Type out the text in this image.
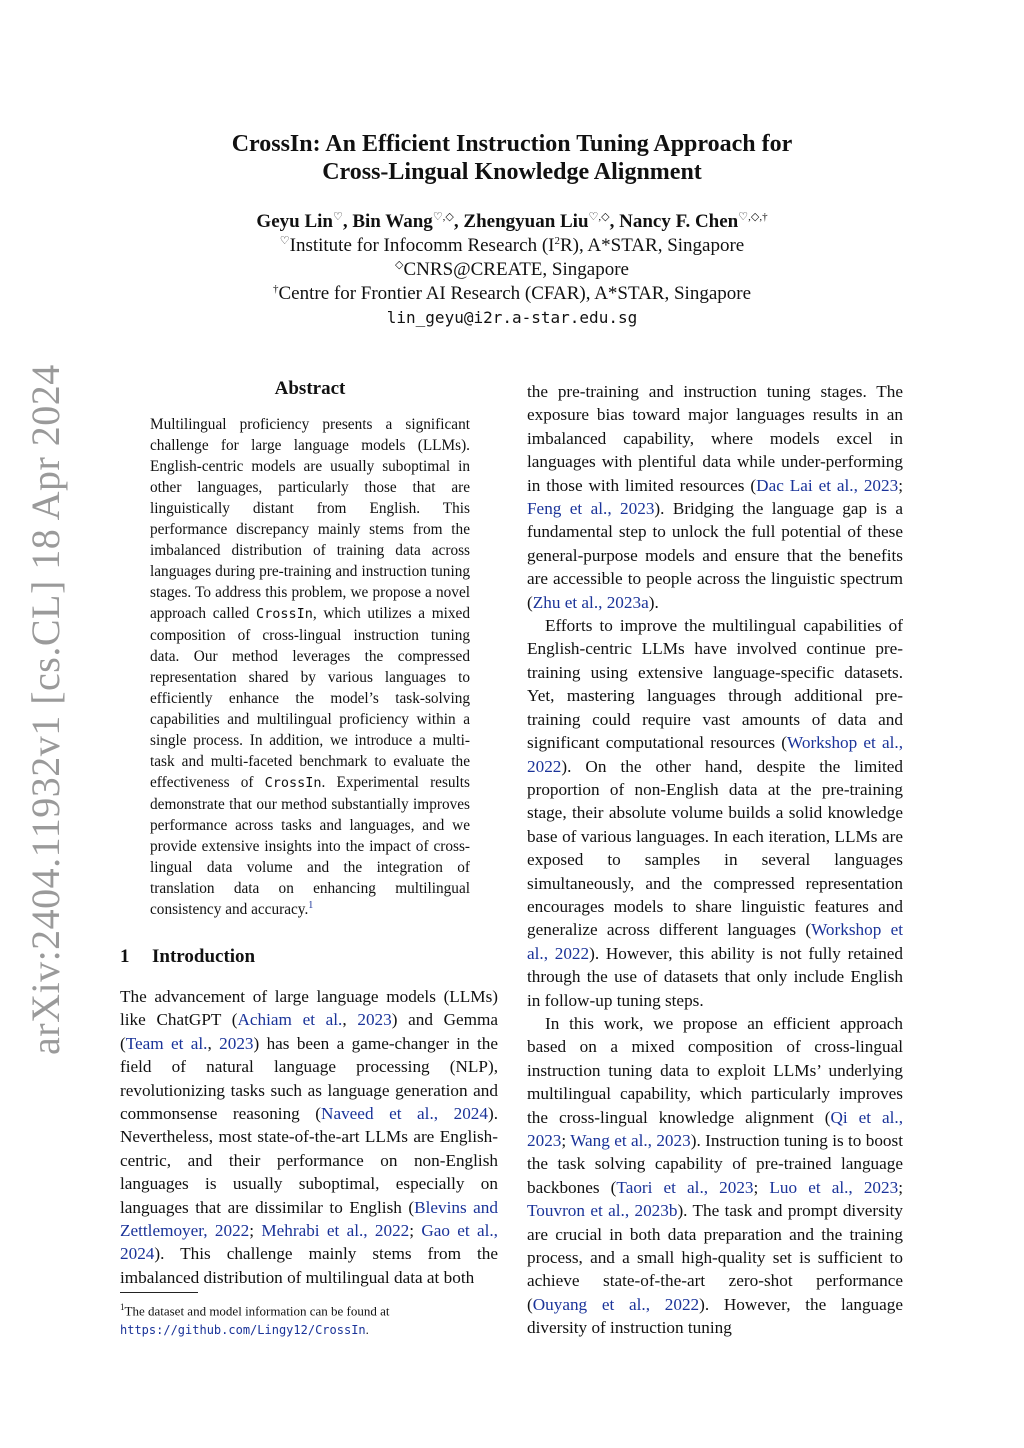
arXiv:2404.11932v1 [cs.CL] 18 Apr 2024
CrossIn: An Efficient Instruction Tuning Approach for
Cross-Lingual Knowledge Alignment
Geyu Lin♡, Bin Wang♡,◇, Zhengyuan Liu♡,◇, Nancy F. Chen♡,◇,†
♡Institute for Infocomm Research $(I^2R)$, A*STAR, Singapore
◇CNRS@CREATE, Singapore
†Centre for Frontier AI Research (CFAR), A*STAR, Singapore
lin_geyu@i2r.a-star.edu.sg
Abstract

Multilingual proficiency presents a significant challenge for large language models (LLMs). English-centric models are usually suboptimal in other languages, particularly those that are linguistically distant from English. This performance discrepancy mainly stems from the imbalanced distribution of training data across languages during pre-training and instruction tuning stages. To address this problem, we propose a novel approach called CrossIn, which utilizes a mixed composition of cross-lingual instruction tuning data. Our method leverages the compressed representation shared by various languages to efficiently enhance the model’s task-solving capabilities and multilingual proficiency within a single process. In addition, we introduce a multi-task and multi-faceted benchmark to evaluate the effectiveness of CrossIn. Experimental results demonstrate that our method substantially improves performance across tasks and languages, and we provide extensive insights into the impact of cross-lingual data volume and the integration of translation data on enhancing multilingual consistency and accuracy.$^1$

1 Introduction

The advancement of large language models (LLMs) like ChatGPT (Achiam et al., 2023) and Gemma (Team et al., 2023) has been a game-changer in the field of natural language processing (NLP), revolutionizing tasks such as language generation and commonsense reasoning (Naveed et al., 2024). Nevertheless, most state-of-the-art LLMs are English-centric, and their performance on non-English languages is usually suboptimal, especially on languages that are dissimilar to English (Blevins and Zettlemoyer, 2022; Mehrabi et al., 2022; Gao et al., 2024). This challenge mainly stems from the imbalanced distribution of multilingual data at both

$^1$The dataset and model information can be found at https://github.com/Lingy12/CrossIn.

the pre-training and instruction tuning stages. The exposure bias toward major languages results in an imbalanced capability, where models excel in languages with plentiful data while under-performing in those with limited resources (Dac Lai et al., 2023; Feng et al., 2023). Bridging the language gap is a fundamental step to unlock the full potential of these general-purpose models and ensure that the benefits are accessible to people across the linguistic spectrum (Zhu et al., 2023a).

Efforts to improve the multilingual capabilities of English-centric LLMs have involved continue pre-training using extensive language-specific datasets. Yet, mastering languages through additional pre-training could require vast amounts of data and significant computational resources (Workshop et al., 2022). On the other hand, despite the limited proportion of non-English data at the pre-training stage, their absolute volume builds a solid knowledge base of various languages. In each iteration, LLMs are exposed to samples in several languages simultaneously, and the compressed representation encourages models to share linguistic features and generalize across different languages (Workshop et al., 2022). However, this ability is not fully retained through the use of datasets that only include English in follow-up tuning steps.

In this work, we propose an efficient approach based on a mixed composition of cross-lingual instruction tuning data to exploit LLMs’ underlying multilingual capability, which particularly improves the cross-lingual knowledge alignment (Qi et al., 2023; Wang et al., 2023). Instruction tuning is to boost the task solving capability of pre-trained language backbones (Taori et al., 2023; Luo et al., 2023; Touvron et al., 2023b). The task and prompt diversity are crucial in both data preparation and the training process, and a small high-quality set is sufficient to achieve state-of-the-art zero-shot performance (Ouyang et al., 2022). However, the language diversity of instruction tuning
